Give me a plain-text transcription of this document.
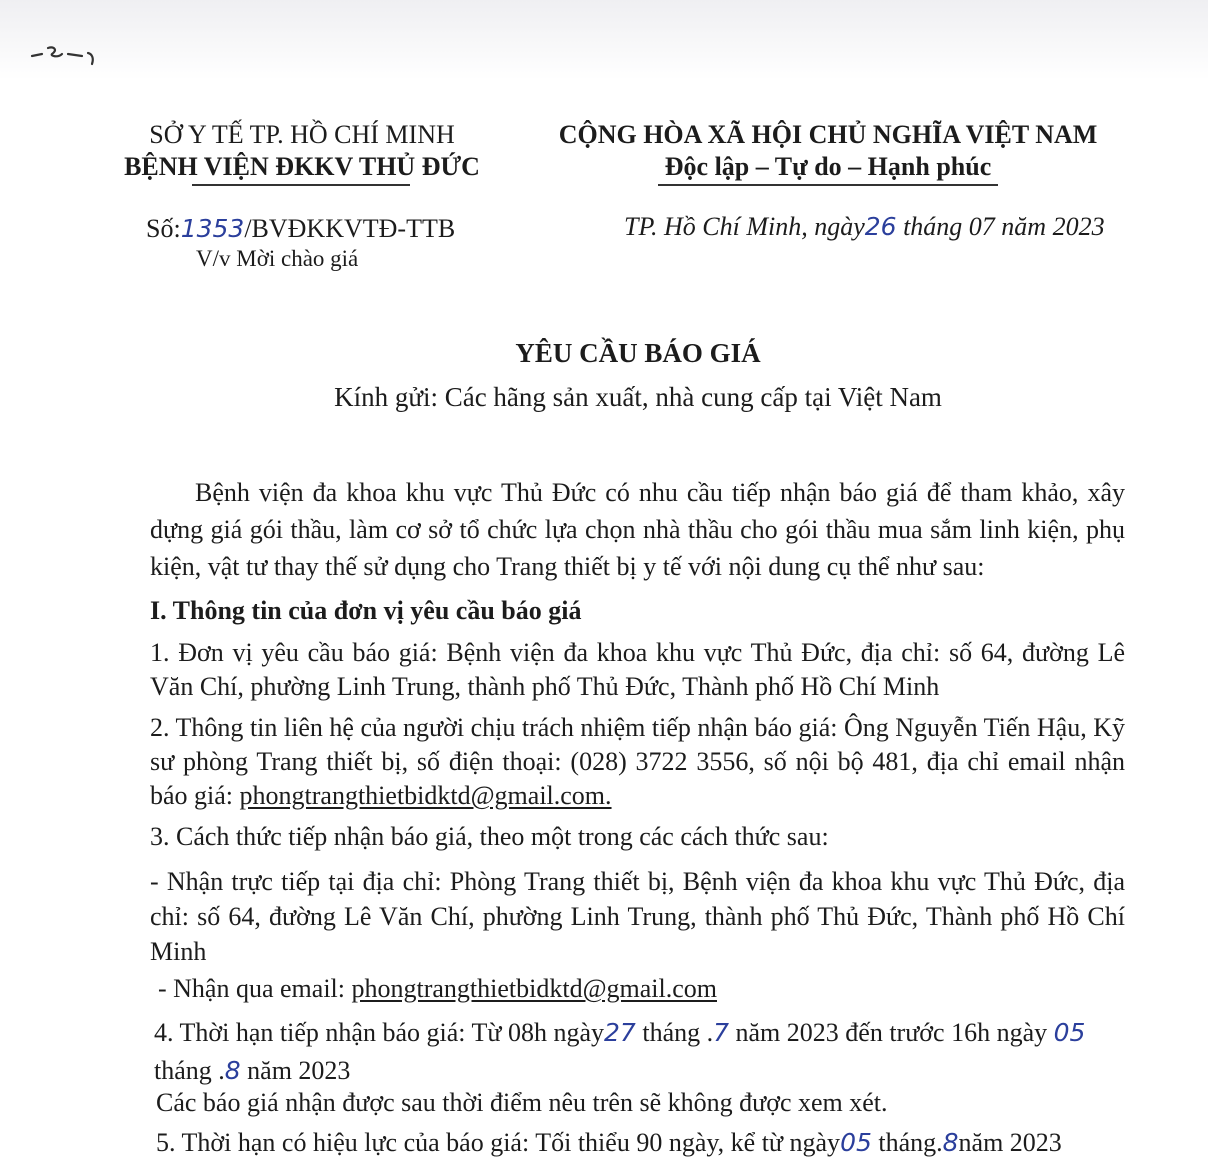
SỞ Y TẾ TP. HỒ CHÍ MINH
BỆNH VIỆN ĐKKV THỦ ĐỨC
CỘNG HÒA XÃ HỘI CHỦ NGHĨA VIỆT NAM
Độc lập – Tự do – Hạnh phúc
Số:1353/BVĐKKVTĐ-TTB
V/v Mời chào giá
TP. Hồ Chí Minh, ngày26 tháng 07 năm 2023
YÊU CẦU BÁO GIÁ
Kính gửi: Các hãng sản xuất, nhà cung cấp tại Việt Nam
Bệnh viện đa khoa khu vực Thủ Đức có nhu cầu tiếp nhận báo giá để tham khảo, xây dựng giá gói thầu, làm cơ sở tổ chức lựa chọn nhà thầu cho gói thầu mua sắm linh kiện, phụ kiện, vật tư thay thế sử dụng cho Trang thiết bị y tế với nội dung cụ thể như sau:
I. Thông tin của đơn vị yêu cầu báo giá
1. Đơn vị yêu cầu báo giá: Bệnh viện đa khoa khu vực Thủ Đức, địa chỉ: số 64, đường Lê Văn Chí, phường Linh Trung, thành phố Thủ Đức, Thành phố Hồ Chí Minh
2. Thông tin liên hệ của người chịu trách nhiệm tiếp nhận báo giá: Ông Nguyễn Tiến Hậu, Kỹ sư phòng Trang thiết bị, số điện thoại: (028) 3722 3556, số nội bộ 481, địa chỉ email nhận báo giá: phongtrangthietbidktd@gmail.com.
3. Cách thức tiếp nhận báo giá, theo một trong các cách thức sau:
- Nhận trực tiếp tại địa chỉ: Phòng Trang thiết bị, Bệnh viện đa khoa khu vực Thủ Đức, địa chỉ: số 64, đường Lê Văn Chí, phường Linh Trung, thành phố Thủ Đức, Thành phố Hồ Chí Minh
- Nhận qua email: phongtrangthietbidktd@gmail.com
4. Thời hạn tiếp nhận báo giá: Từ 08h ngày27 tháng .7 năm 2023 đến trước 16h ngày 05
tháng .8 năm 2023
Các báo giá nhận được sau thời điểm nêu trên sẽ không được xem xét.
5. Thời hạn có hiệu lực của báo giá: Tối thiểu 90 ngày, kể từ ngày05 tháng.8năm 2023
